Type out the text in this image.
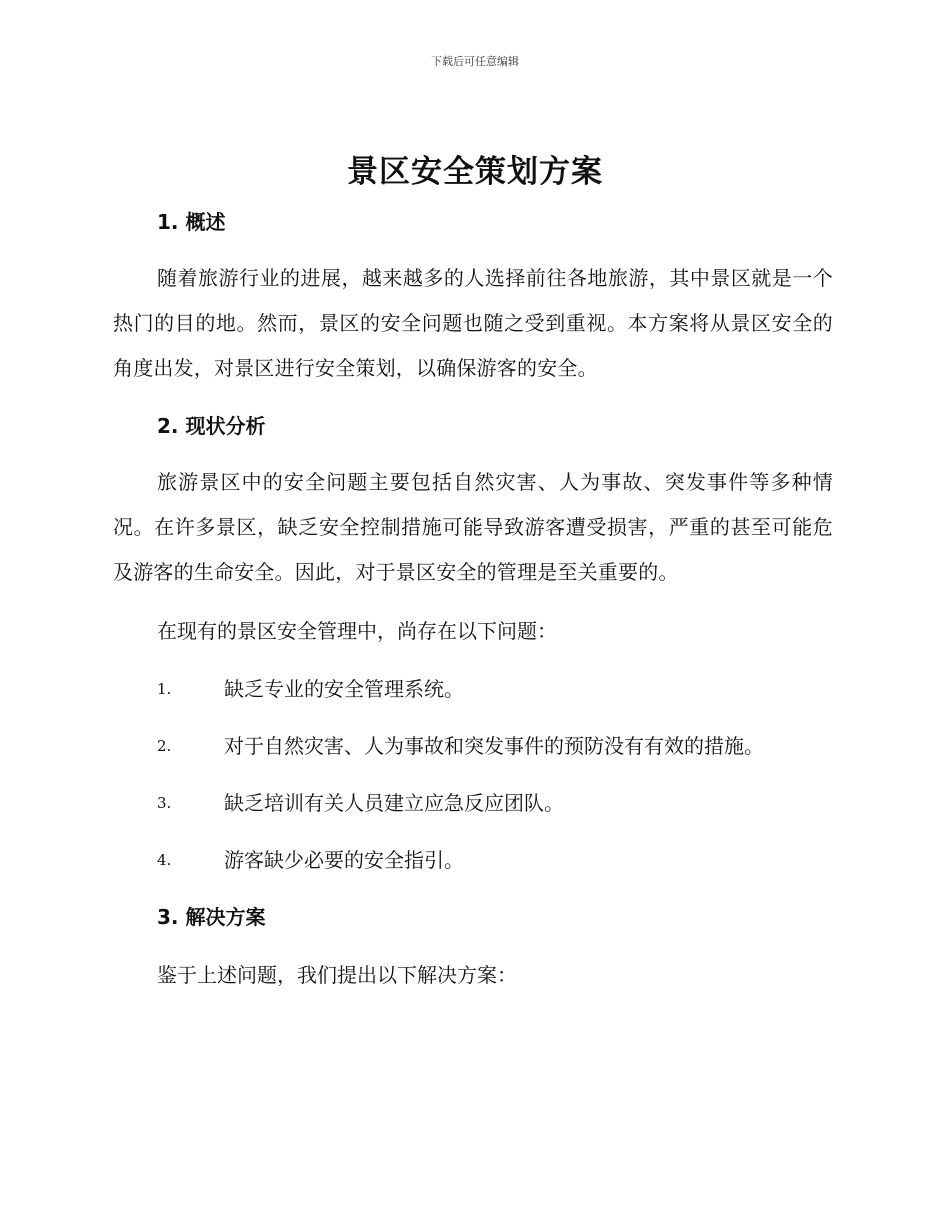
下载后可任意编辑
景区安全策划方案
1. 概述

随着旅游行业的进展，越来越多的人选择前往各地旅游，其中景区就是一个热门的目的地。然而，景区的安全问题也随之受到重视。本方案将从景区安全的角度出发，对景区进行安全策划，以确保游客的安全。

2. 现状分析

旅游景区中的安全问题主要包括自然灾害、人为事故、突发事件等多种情况。在许多景区，缺乏安全控制措施可能导致游客遭受损害，严重的甚至可能危及游客的生命安全。因此，对于景区安全的管理是至关重要的。

在现有的景区安全管理中，尚存在以下问题：

1.	缺乏专业的安全管理系统。
2.	对于自然灾害、人为事故和突发事件的预防没有有效的措施。
3.	缺乏培训有关人员建立应急反应团队。
4.	游客缺少必要的安全指引。
3. 解决方案

鉴于上述问题，我们提出以下解决方案：
